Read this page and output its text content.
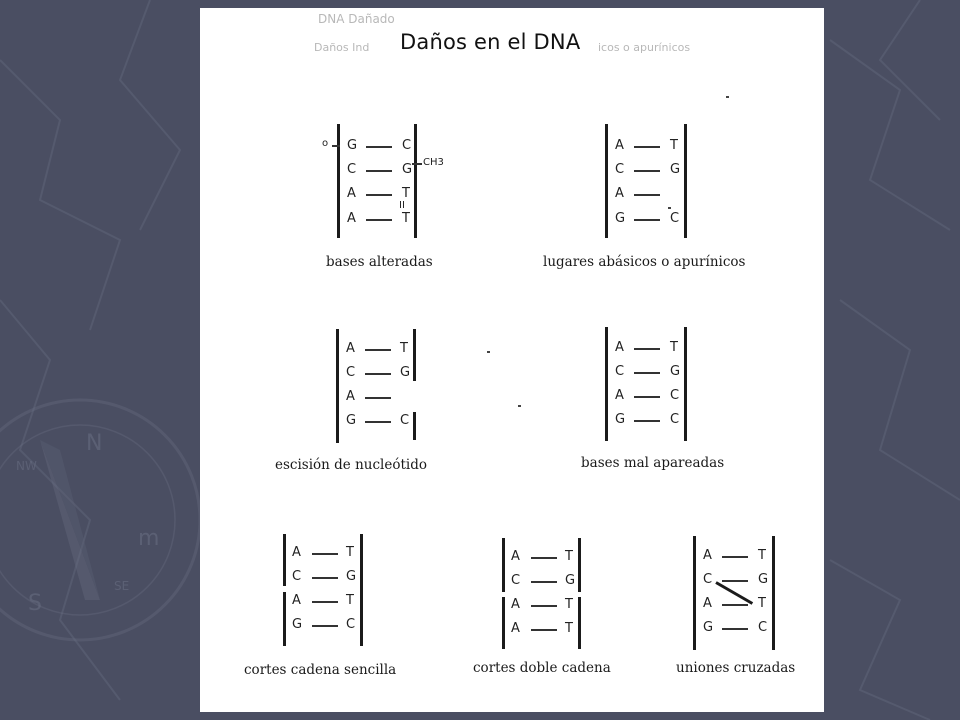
N
m
S
NW
SE
DNA Dañado
Daños Ind	icos o apurínicos
Daños en el DNA
o G	C
C	G CH3
A	T
II
A	T
bases alteradas
A	T
C	G
A
G	C
lugares abásicos o apurínicos
A	T
C	G
A
G	C
escisión de nucleótido
A	T
C	G
A	C
G	C
bases mal apareadas
A	T
C	G
A	T
G	C
cortes cadena sencilla
A	T
C	G
A	T
A	T
cortes doble cadena
A	T
C	G
A	T
G	C
uniones cruzadas
